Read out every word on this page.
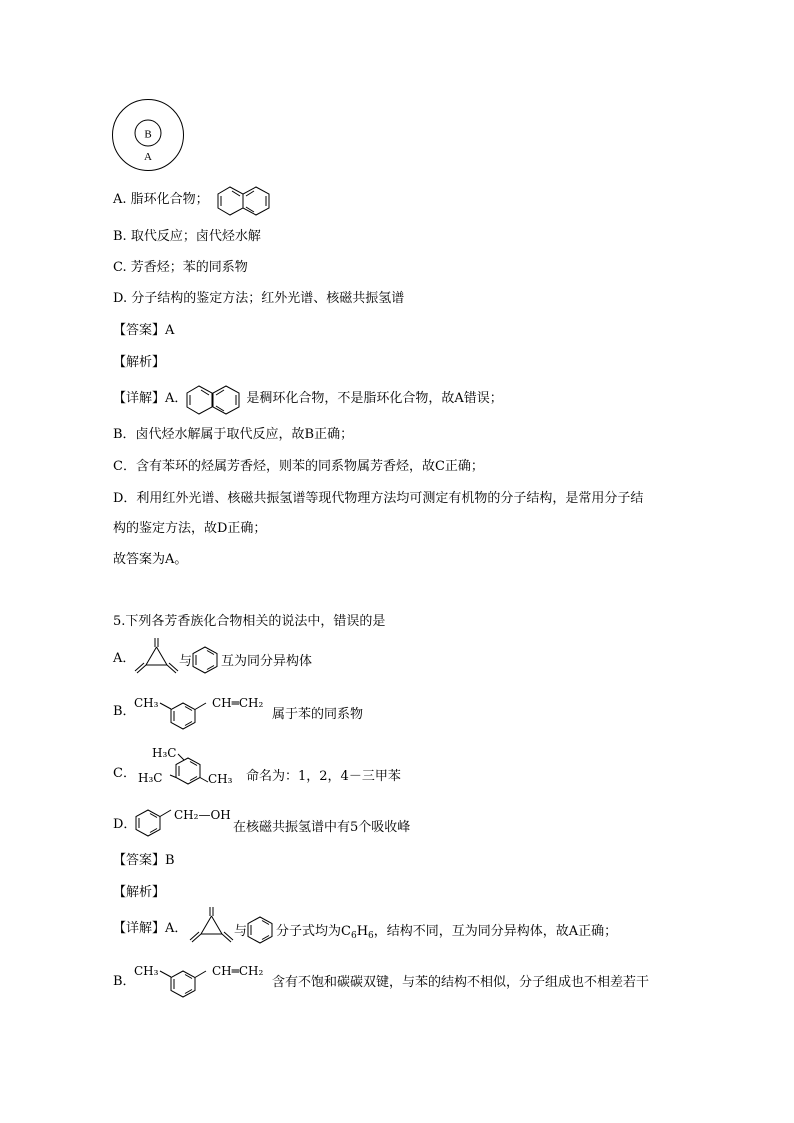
B
A
A. 脂环化合物；
B. 取代反应；卤代烃水解
C. 芳香烃；苯的同系物
D. 分子结构的鉴定方法；红外光谱、核磁共振氢谱
【答案】A
【解析】
【详解】A．	是稠环化合物，不是脂环化合物，故A错误；
B．卤代烃水解属于取代反应，故B正确；
C．含有苯环的烃属芳香烃，则苯的同系物属芳香烃，故C正确；
D．利用红外光谱、核磁共振氢谱等现代物理方法均可测定有机物的分子结构，是常用分子结
构的鉴定方法，故D正确；
故答案为A。
5.下列各芳香族化合物相关的说法中，错误的是
A．	与 互为同分异构体
B．
CH₃	CH═CH₂
属于苯的同系物
C．
H₃C
H₃C	CH₃ 命名为：1，2，4－三甲苯
D．
CH₂—OH
在核磁共振氢谱中有5个吸收峰
【答案】B
【解析】
【详解】A．	与 分子式均为$C_6H_6$，结构不同，互为同分异构体，故A正确；
B．
CH₃	CH═CH₂
含有不饱和碳碳双键，与苯的结构不相似，分子组成也不相差若干
